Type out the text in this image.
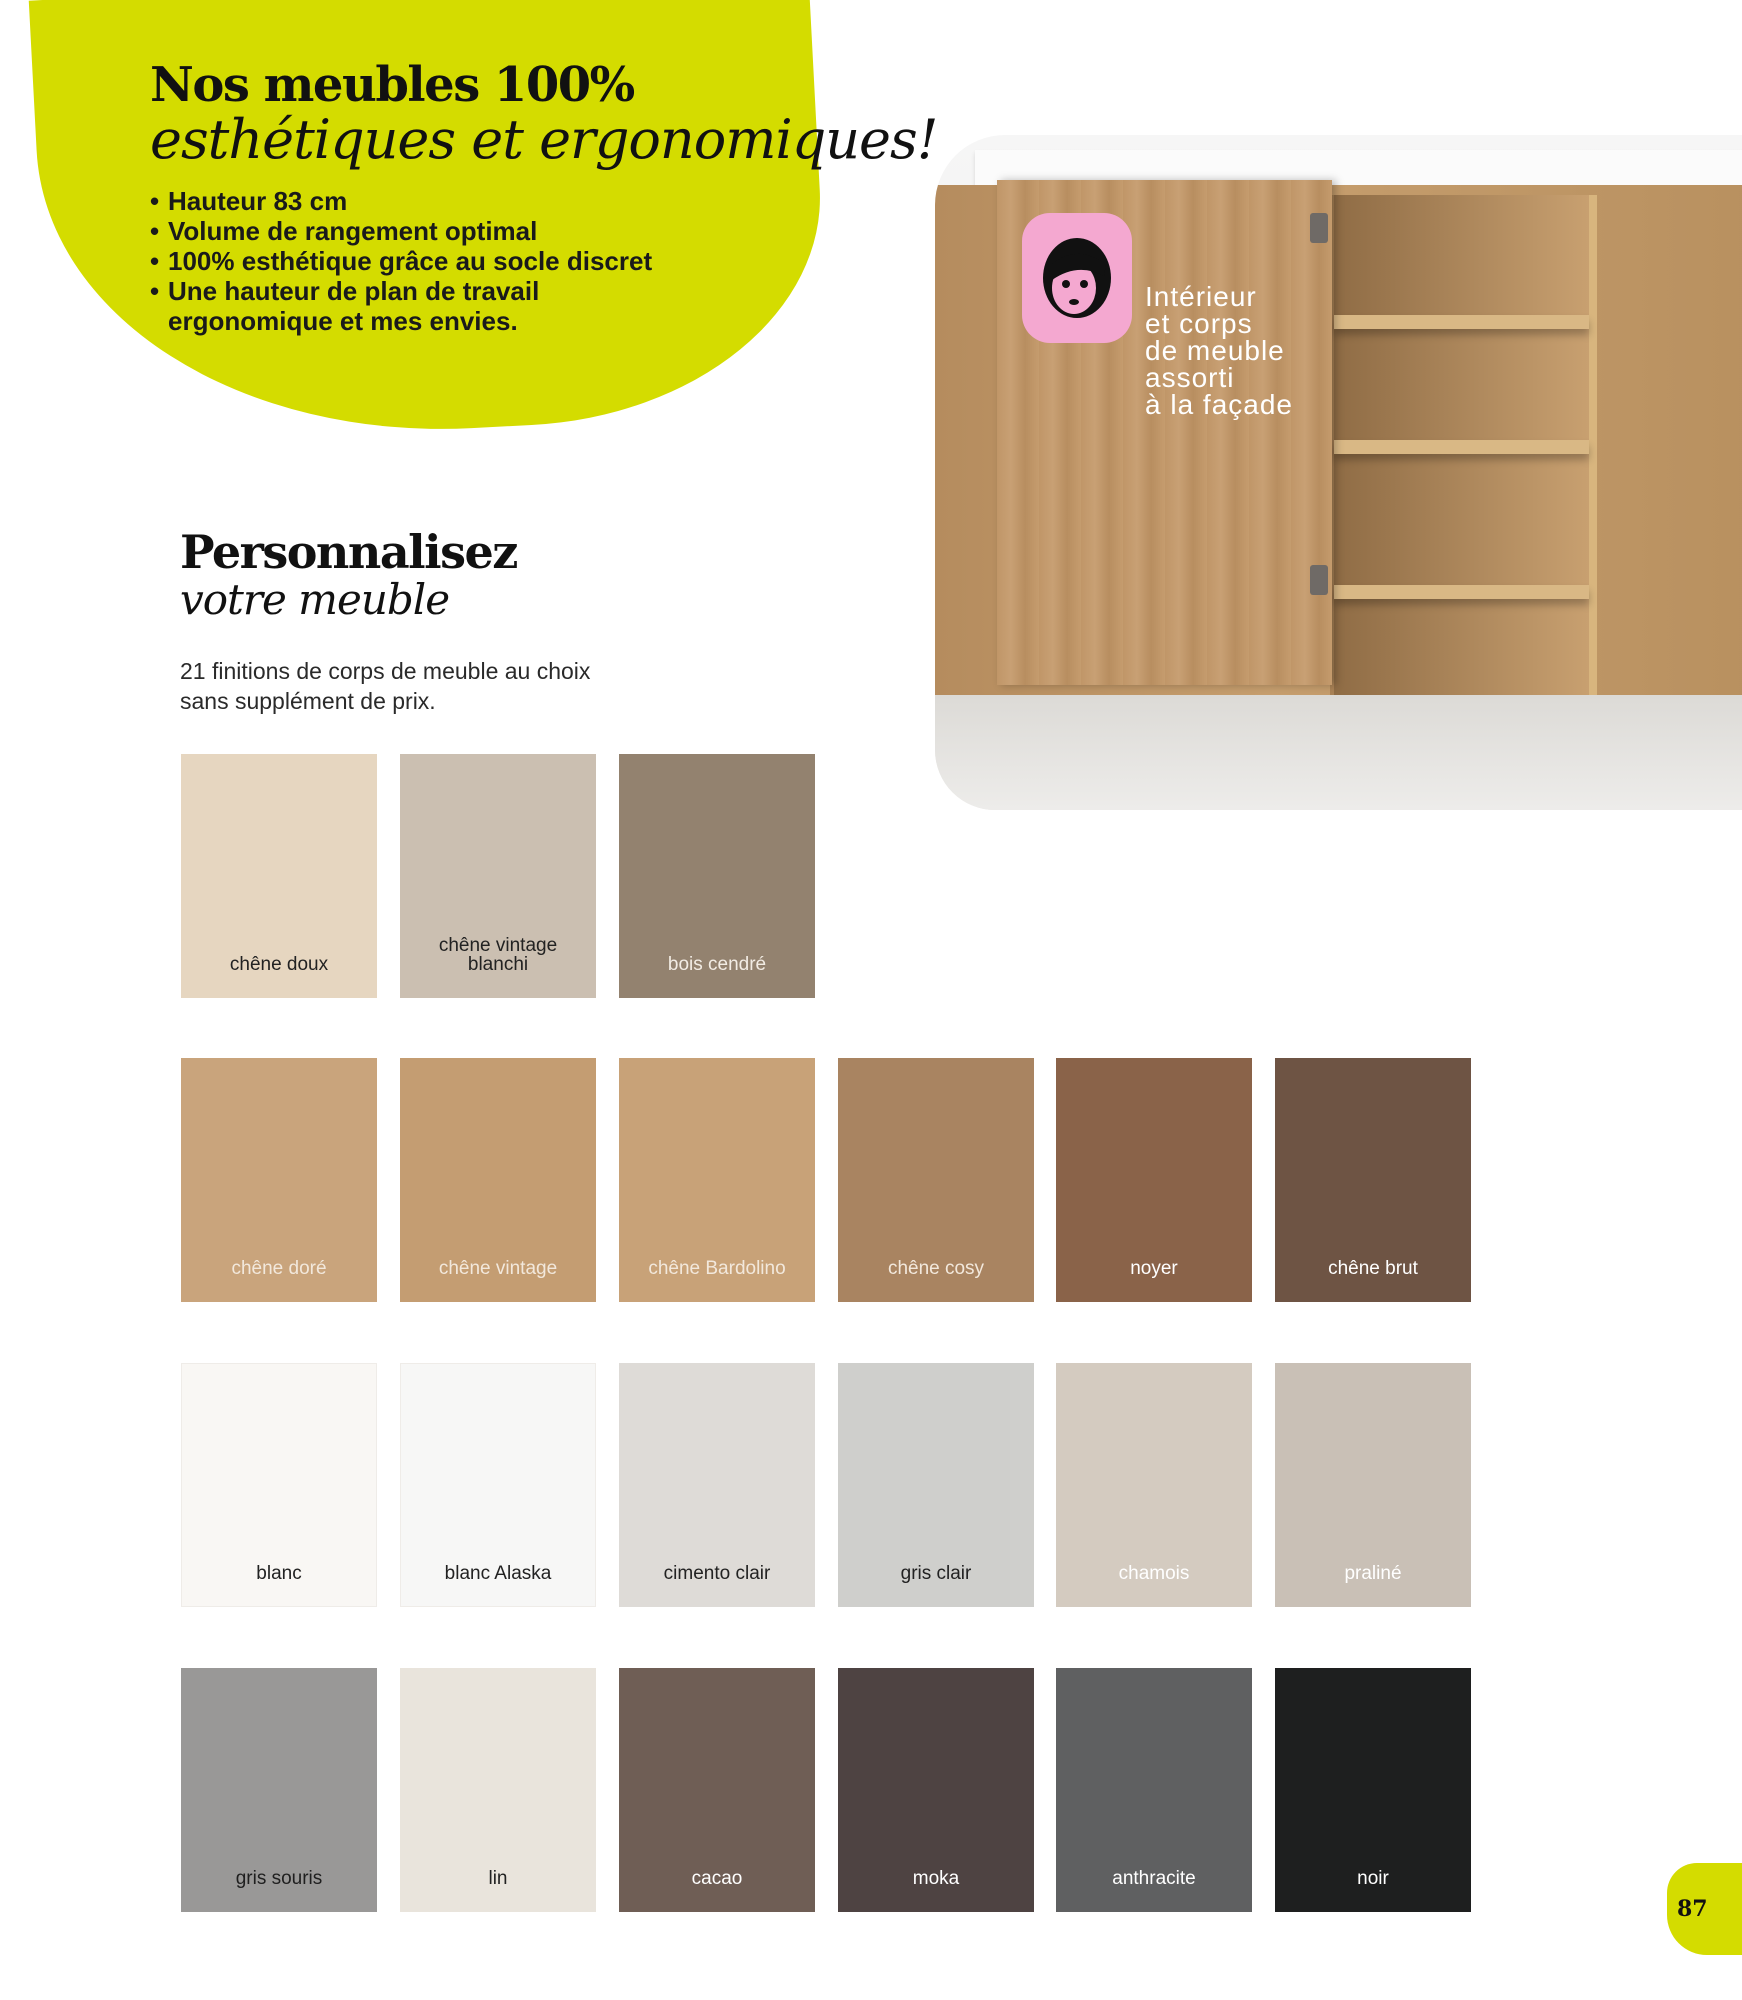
Nos meubles 100%
esthétiques et ergonomiques!
• Hauteur 83 cm
• Volume de rangement optimal
• 100% esthétique grâce au socle discret
• Une hauteur de plan de travail ergonomique et mes envies.
Intérieur
et corps
de meuble
assorti
à la façade
Personnalisez
votre meuble
21 finitions de corps de meuble au choix
sans supplément de prix.
chêne doux
chêne vintage blanchi	bois cendré
chêne doré	chêne vintage	chêne Bardolino	chêne cosy	noyer	chêne brut
blanc	blanc Alaska	cimento clair	gris clair	chamois	praliné
gris souris	lin	cacao	moka	anthracite	noir
87
